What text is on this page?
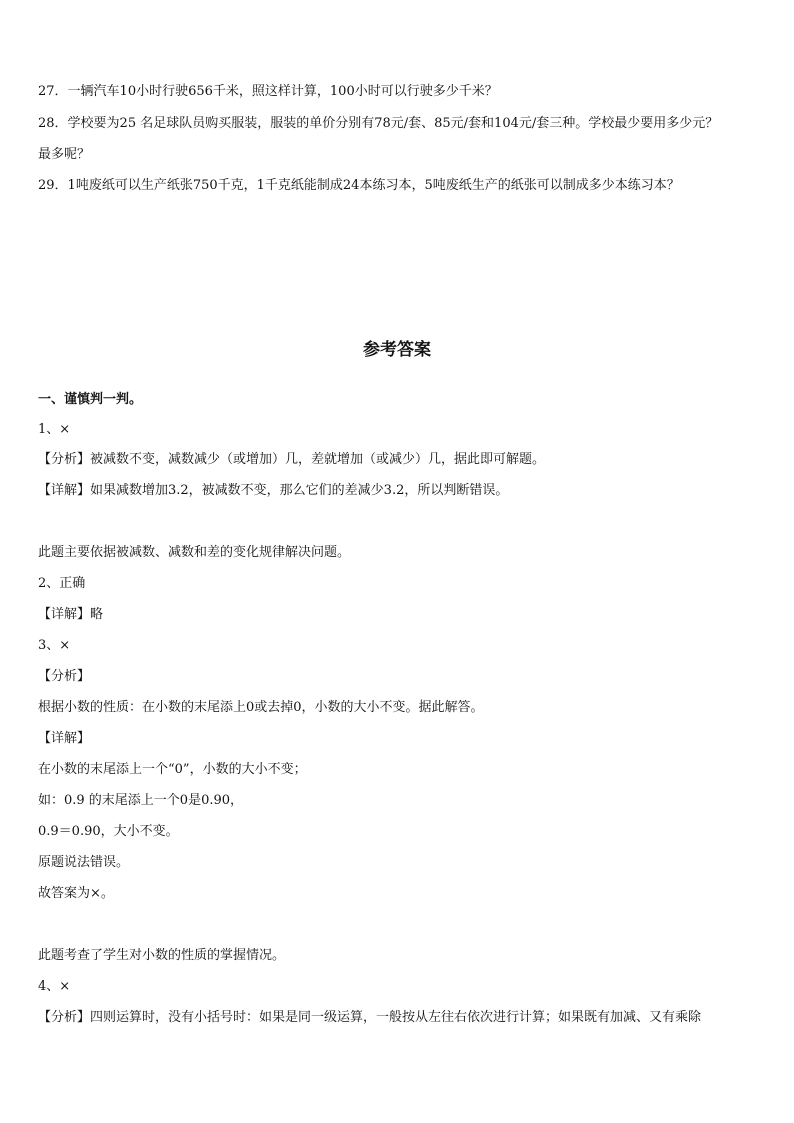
27．一辆汽车10小时行驶656千米，照这样计算，100小时可以行驶多少千米？
28．学校要为25 名足球队员购买服装，服装的单价分别有78元/套、85元/套和104元/套三种。学校最少要用多少元？
最多呢？
29．1吨废纸可以生产纸张750千克，1千克纸能制成24本练习本，5吨废纸生产的纸张可以制成多少本练习本？
参考答案
一、谨慎判一判。
1、×
【分析】被减数不变，减数减少（或增加）几，差就增加（或减少）几，据此即可解题。
【详解】如果减数增加3.2，被减数不变，那么它们的差减少3.2，所以判断错误。
此题主要依据被减数、减数和差的变化规律解决问题。
2、正确
【详解】略
3、×
【分析】
根据小数的性质：在小数的末尾添上0或去掉0，小数的大小不变。据此解答。
【详解】
在小数的末尾添上一个“0”，小数的大小不变；
如：0.9 的末尾添上一个0是0.90，
0.9＝0.90，大小不变。
原题说法错误。
故答案为×。
此题考查了学生对小数的性质的掌握情况。
4、×
【分析】四则运算时，没有小括号时：如果是同一级运算，一般按从左往右依次进行计算；如果既有加减、又有乘除
